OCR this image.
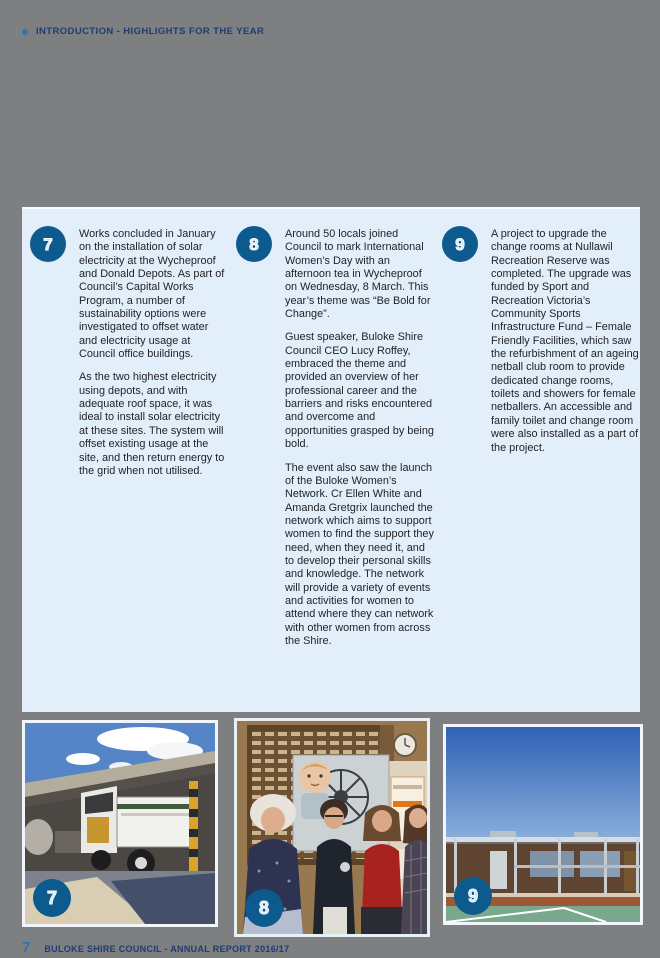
INTRODUCTION - HIGHLIGHTS FOR THE YEAR
7

Works concluded in January on the installation of solar electricity at the Wycheproof and Donald Depots. As part of Council’s Capital Works Program, a number of sustainability options were investigated to offset water and electricity usage at Council office buildings.

As the two highest electricity using depots, and with adequate roof space, it was ideal to install solar electricity at these sites. The system will offset existing usage at the site, and then return energy to the grid when not utilised.

8

Around 50 locals joined Council to mark International Women’s Day with an afternoon tea in Wycheproof on Wednesday, 8 March. This year’s theme was “Be Bold for Change”.

Guest speaker, Buloke Shire Council CEO Lucy Roffey, embraced the theme and provided an overview of her professional career and the barriers and risks encountered and overcome and opportunities grasped by being bold.

The event also saw the launch of the Buloke Women’s Network. Cr Ellen White and Amanda Gretgrix launched the network which aims to support women to find the support they need, when they need it, and to develop their personal skills and knowledge. The network will provide a variety of events and activities for women to attend where they can network with other women from across the Shire.

9

A project to upgrade the change rooms at Nullawil Recreation Reserve was completed. The upgrade was funded by Sport and Recreation Victoria’s Community Sports Infrastructure Fund – Female Friendly Facilities, which saw the refurbishment of an ageing netball club room to provide dedicated change rooms, toilets and showers for female netballers. An accessible and family toilet and change room were also installed as a part of the project.

7	8
9
7 BULOKE SHIRE COUNCIL - ANNUAL REPORT 2016/17
